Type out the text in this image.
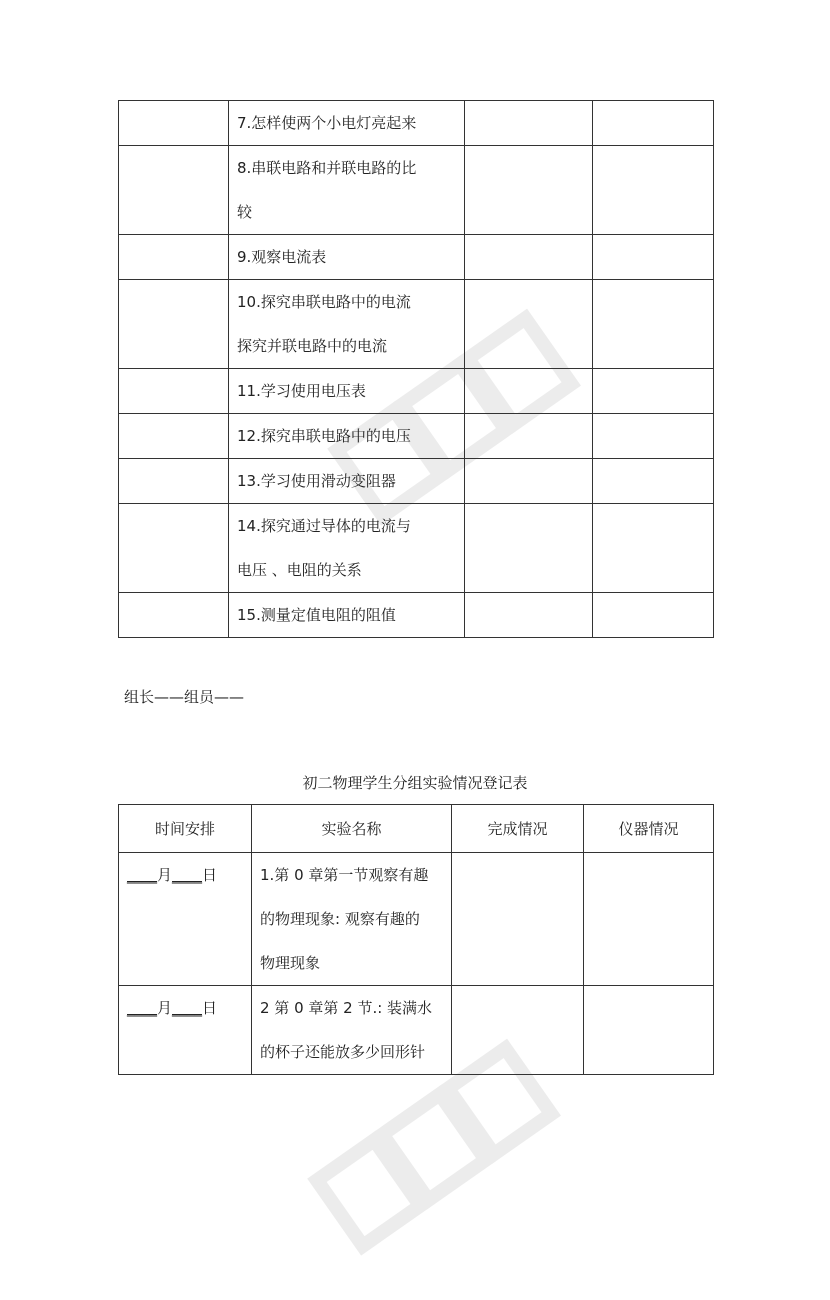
	7.怎样使两个小电灯亮起来		

	8.串联电路和并联电路的比
较		

	9.观察电流表		

	10.探究串联电路中的电流
探究并联电路中的电流		

	11.学习使用电压表		

	12.探究串联电路中的电压		

	13.学习使用滑动变阻器		

	14.探究通过导体的电流与
电压 、电阻的关系		

	15.测量定值电阻的阻值		

组长——组员——
初二物理学生分组实验情况登记表
时间安排	实验名称	完成情况	仪器情况
____月____日	1.第 0 章第一节观察有趣
的物理现象: 观察有趣的
物理现象		

____月____日	2 第 0 章第 2 节.: 装满水
的杯子还能放多少回形针		
